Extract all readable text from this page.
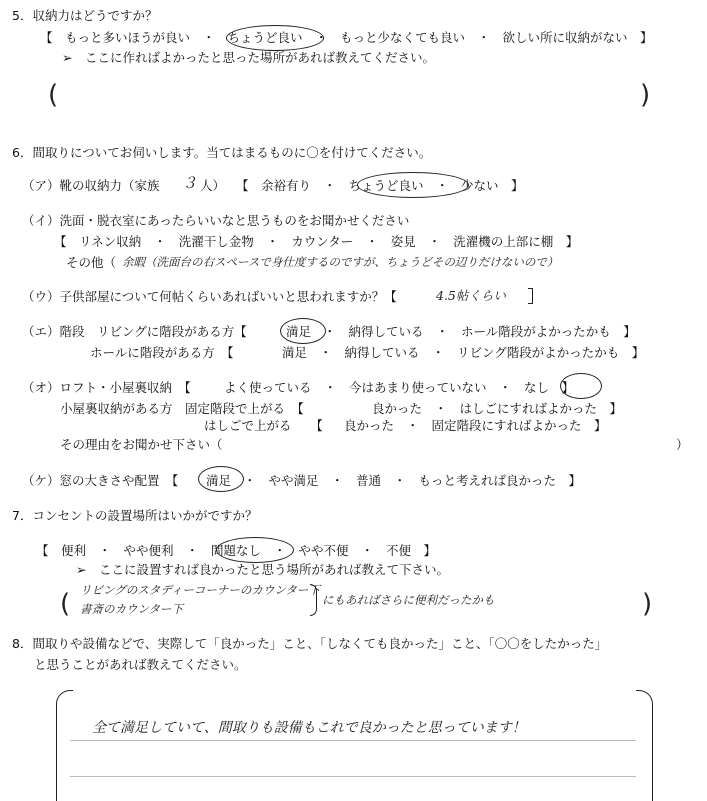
5．収納力はどうですか？
【　もっと多いほうが良い　・　ちょうど良い　・　もっと少なくても良い　・　欲しい所に収納がない　】
➢　ここに作ればよかったと思った場所があれば教えてください。
(	)
6．間取りについてお伺いします。当てはまるものに〇を付けてください。
（ア）靴の収納力（家族 ３ 人） 【　余裕有り　・　ちょうど良い　・　少ない　】
（イ）洗面・脱衣室にあったらいいなと思うものをお聞かせください
【　リネン収納　・　洗濯干し金物　・　カウンター　・　姿見　・　洗濯機の上部に棚　】
その他（ 余暇（洗面台の右スペースで身仕度するのですが、ちょうどその辺りだけないので）
（ウ）子供部屋について何帖くらいあればいいと思われますか？【	4.5帖くらい
（エ）階段　リビングに階段がある方【	満足　・　納得している　・　ホール階段がよかったかも　】
ホールに階段がある方　【	満足　・　納得している　・　リビング階段がよかったかも　】
（オ）ロフト・小屋裏収納　【	よく使っている　・　今はあまり使っていない　・　なし　】
小屋裏収納がある方　固定階段で上がる　【	良かった　・　はしごにすればよかった　】
はしごで上がる　　【 良かった　・　固定階段にすればよかった　】
その理由をお聞かせ下さい（	）
（ケ）窓の大きさや配置　【 満足　・　やや満足　・　普通　・　もっと考えれば良かった　】
7．コンセントの設置場所はいかがですか？
【　便利　・　やや便利　・　問題なし　・　やや不便　・　不便　】
➢　ここに設置すれば良かったと思う場所があれば教えて下さい。
(	)
リビングのスタディーコーナーのカウンター下
書斎のカウンター下
にもあればさらに便利だったかも
8．間取りや設備などで、実際して「良かった」こと、「しなくても良かった」こと、「〇〇をしたかった」
と思うことがあれば教えてください。
全て満足していて、間取りも設備もこれで良かったと思っています！
